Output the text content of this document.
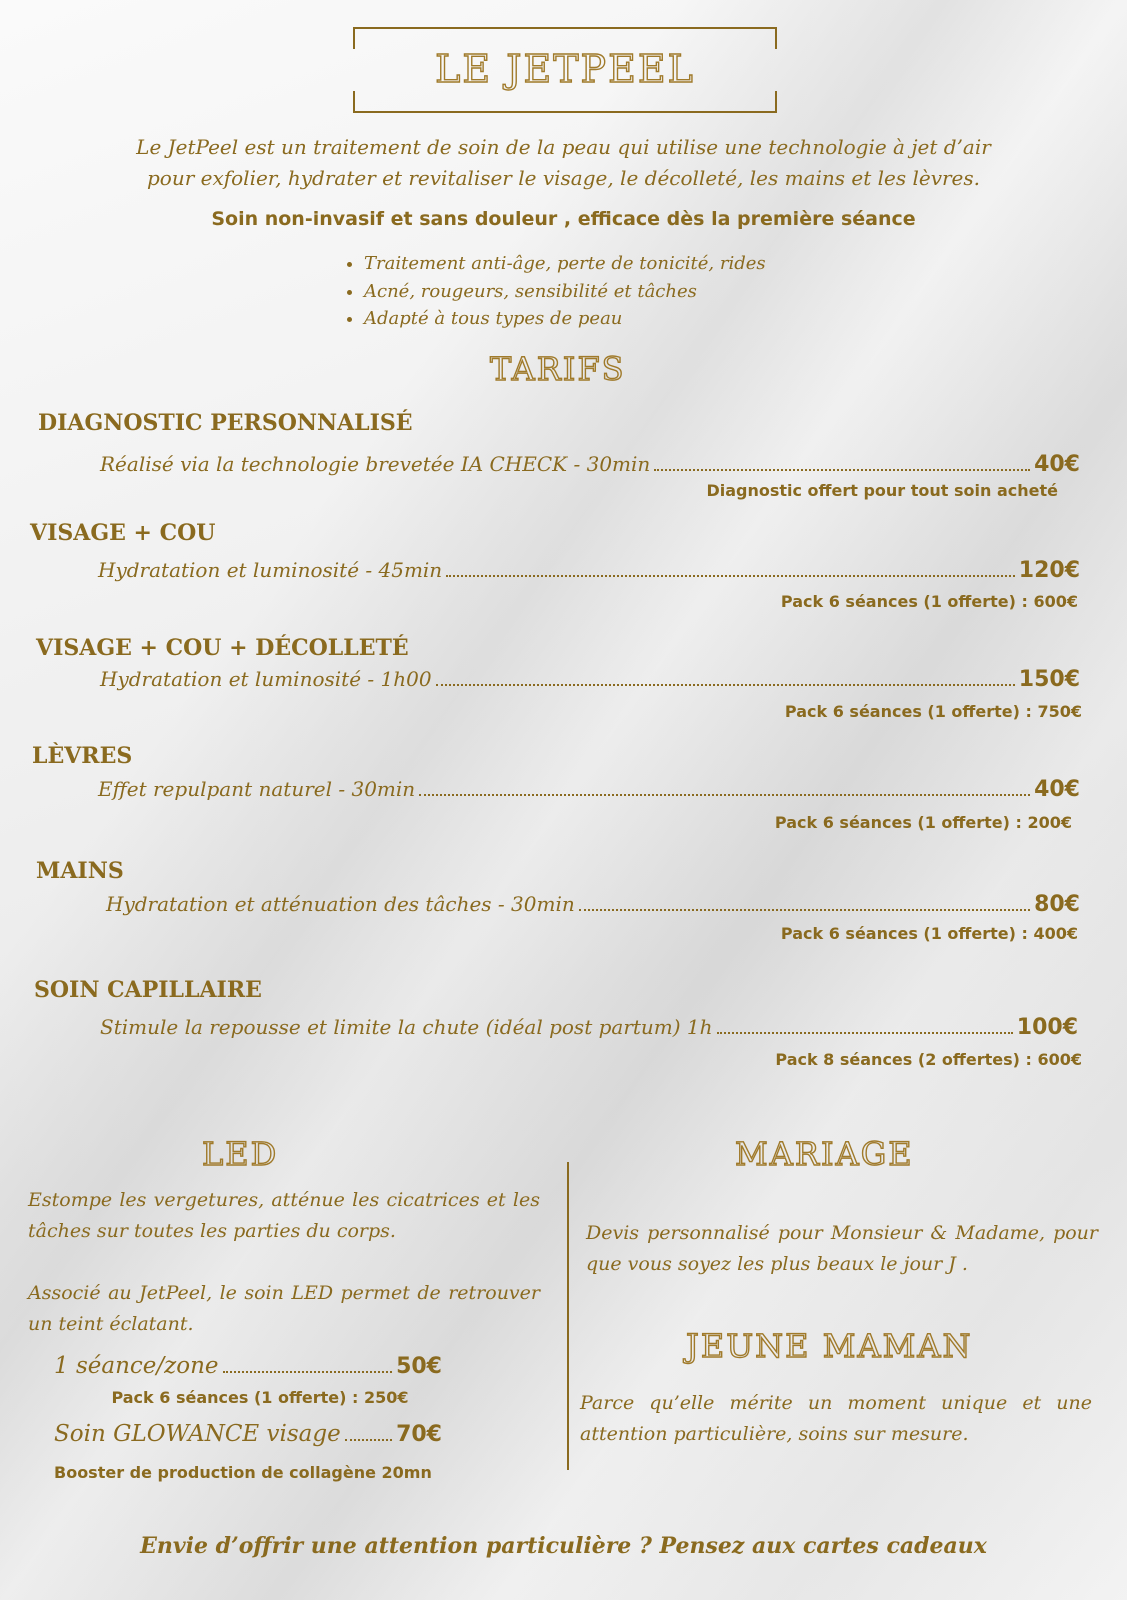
LE JETPEEL
Le JetPeel est un traitement de soin de la peau qui utilise une technologie à jet d’air pour exfolier, hydrater et revitaliser le visage, le décolleté, les mains et les lèvres.
Soin non-invasif et sans douleur , efficace dès la première séance
• Traitement anti-âge, perte de tonicité, rides
• Acné, rougeurs, sensibilité et tâches
• Adapté à tous types de peau
TARIFS
DIAGNOSTIC PERSONNALISÉ
Réalisé via la technologie brevetée IA CHECK - 30min	40€
Diagnostic offert pour tout soin acheté
VISAGE + COU
Hydratation et luminosité - 45min	120€
Pack 6 séances (1 offerte) : 600€
VISAGE + COU + DÉCOLLETÉ
Hydratation et luminosité - 1h00	150€
Pack 6 séances (1 offerte) : 750€
LÈVRES
Effet repulpant naturel - 30min	40€
Pack 6 séances (1 offerte) : 200€
MAINS
Hydratation et atténuation des tâches - 30min	80€
Pack 6 séances (1 offerte) : 400€
SOIN CAPILLAIRE
Stimule la repousse et limite la chute (idéal post partum) 1h	100€
Pack 8 séances (2 offertes) : 600€
LED
Estompe les vergetures, atténue les cicatrices et les tâches sur toutes les parties du corps.
Associé au JetPeel, le soin LED permet de retrouver un teint éclatant.
1 séance/zone	50€
Pack 6 séances (1 offerte) : 250€
Soin GLOWANCE visage	70€
Booster de production de collagène 20mn
MARIAGE
Devis personnalisé pour Monsieur & Madame, pour que vous soyez les plus beaux le jour J .
JEUNE MAMAN
Parce qu’elle mérite un moment unique et une attention particulière, soins sur mesure.
Envie d’offrir une attention particulière ? Pensez aux cartes cadeaux
